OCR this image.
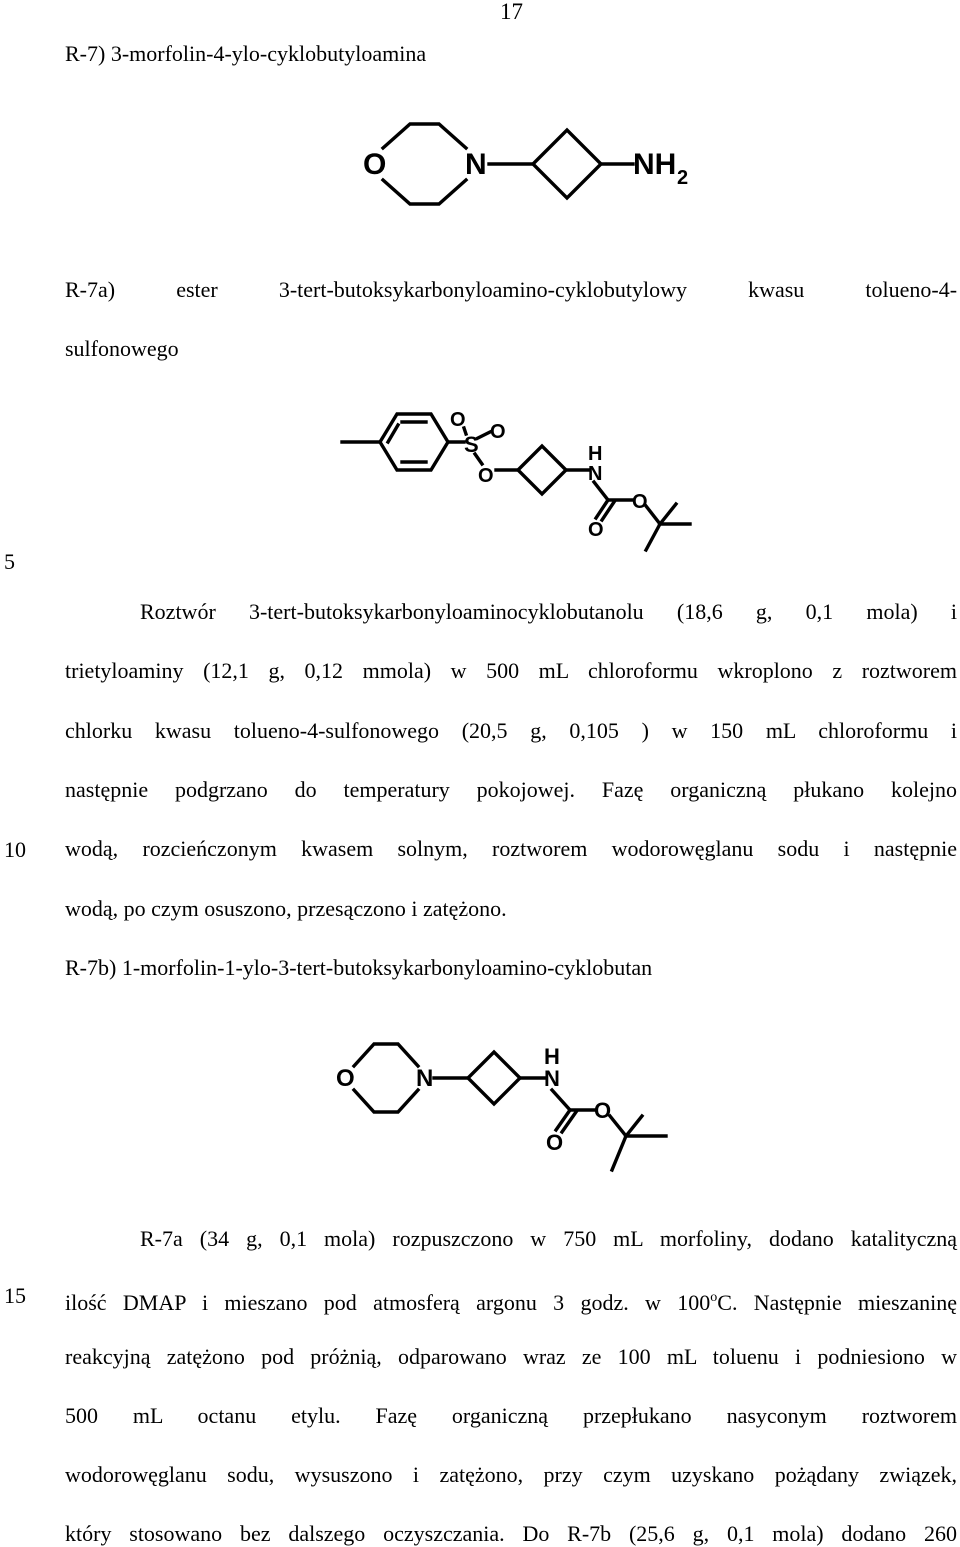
17
5
10
15
R-7) 3-morfolin-4-ylo-cyklobutyloamina
O	N	NH 2
R-7a)	ester	3-tert-butoksykarbonyloamino-cyklobutylowy	kwasu	tolueno-4-
sulfonowego
S
O
O
O
H
N
O
O
Roztwór 3-tert-butoksykarbonyloaminocyklobutanolu (18,6 g, 0,1 mola) i
trietyloaminy (12,1 g, 0,12 mmola) w 500 mL chloroformu wkroplono z roztworem
chlorku kwasu tolueno-4-sulfonowego (20,5 g, 0,105 ) w 150 mL chloroformu i
następnie podgrzano do temperatury pokojowej. Fazę organiczną płukano kolejno
wodą, rozcieńczonym kwasem solnym, roztworem wodorowęglanu sodu i następnie
wodą, po czym osuszono, przesączono i zatężono.
R-7b) 1-morfolin-1-ylo-3-tert-butoksykarbonyloamino-cyklobutan
O	N
H
N
O
O
R-7a (34 g, 0,1 mola) rozpuszczono w 750 mL morfoliny, dodano katalityczną
ilość DMAP i mieszano pod atmosferą argonu 3 godz. w 100$^o$C. Następnie mieszaninę
reakcyjną zatężono pod próżnią, odparowano wraz ze 100 mL toluenu i podniesiono w
500 mL octanu etylu. Fazę organiczną przepłukano nasyconym roztworem
wodorowęglanu sodu, wysuszono i zatężono, przy czym uzyskano pożądany związek,
który stosowano bez dalszego oczyszczania. Do R-7b (25,6 g, 0,1 mola) dodano 260
